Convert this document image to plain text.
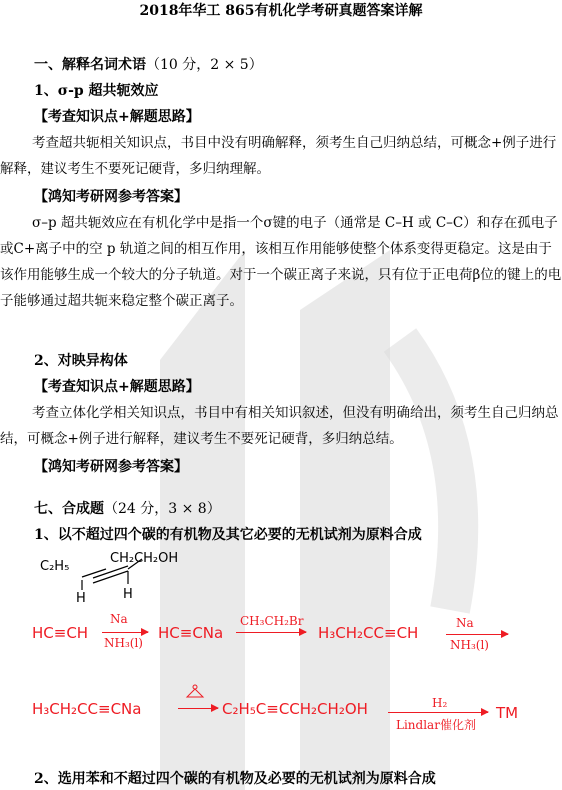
2018年华工 865有机化学考研真题答案详解
一、解释名词术语（10 分，2 × 5）
1、σ-p 超共轭效应
【考查知识点+解题思路】
考查超共轭相关知识点，书目中没有明确解释，须考生自己归纳总结，可概念+例子进行解释，建议考生不要死记硬背，多归纳理解。
【鸿知考研网参考答案】
σ–p 超共轭效应在有机化学中是指一个σ键的电子（通常是 C–H 或 C–C）和存在孤电子或C+离子中的空 p 轨道之间的相互作用，该相互作用能够使整个体系变得更稳定。这是由于该作用能够生成一个较大的分子轨道。对于一个碳正离子来说，只有位于正电荷β位的键上的电子能够通过超共轭来稳定整个碳正离子。
2、对映异构体
【考查知识点+解题思路】
考查立体化学相关知识点，书目中有相关知识叙述，但没有明确给出，须考生自己归纳总结，可概念+例子进行解释，建议考生不要死记硬背，多归纳总结。
【鸿知考研网参考答案】
七、合成题（24 分，3 × 8）
1、以不超过四个碳的有机物及其它必要的无机试剂为原料合成
C₂H₅
CH₂CH₂OH
H	H
HC≡CH
Na
NH₃(l)
HC≡CNa
CH₃CH₂Br
H₃CH₂CC≡CH
Na
NH₃(l)
H₃CH₂CC≡CNa → C₂H₅C≡CCH₂CH₂OH	H₂
Lindlar催化剂
TM
2、选用苯和不超过四个碳的有机物及必要的无机试剂为原料合成
